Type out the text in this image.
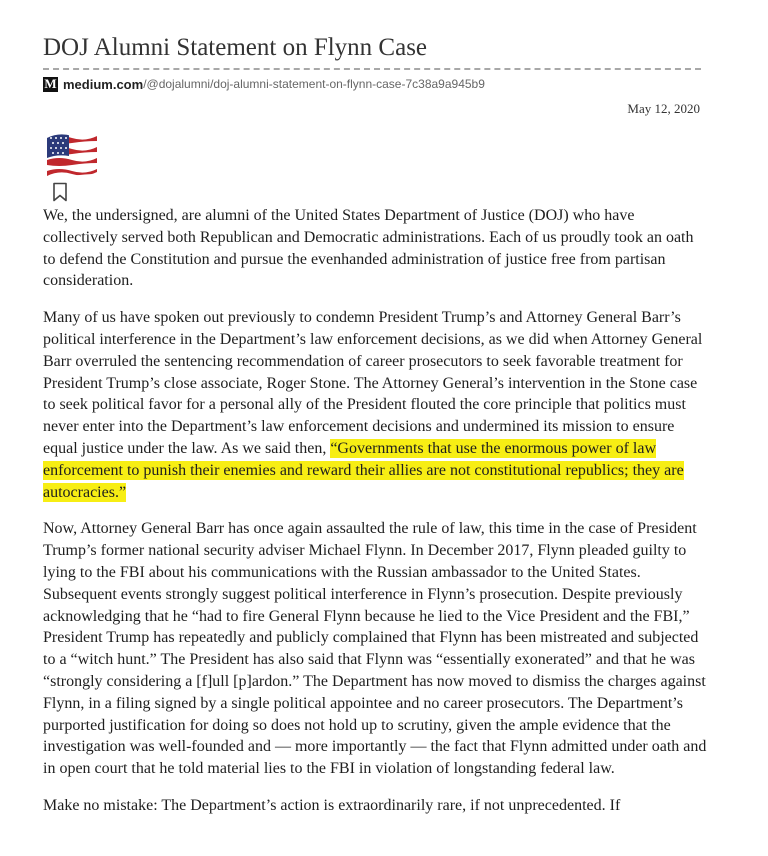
DOJ Alumni Statement on Flynn Case
M medium.com /@dojalumni/doj-alumni-statement-on-flynn-case-7c38a9a945b9
May 12, 2020

We, the undersigned, are alumni of the United States Department of Justice (DOJ) who have collectively served both Republican and Democratic administrations. Each of us proudly took an oath to defend the Constitution and pursue the evenhanded administration of justice free from partisan consideration.

Many of us have spoken out previously to condemn President Trump’s and Attorney General Barr’s political interference in the Department’s law enforcement decisions, as we did when Attorney General Barr overruled the sentencing recommendation of career prosecutors to seek favorable treatment for President Trump’s close associate, Roger Stone. The Attorney General’s intervention in the Stone case to seek political favor for a personal ally of the President flouted the core principle that politics must never enter into the Department’s law enforcement decisions and undermined its mission to ensure equal justice under the law. As we said then, “Governments that use the enormous power of law enforcement to punish their enemies and reward their allies are not constitutional republics; they are autocracies.”

Now, Attorney General Barr has once again assaulted the rule of law, this time in the case of President Trump’s former national security adviser Michael Flynn. In December 2017, Flynn pleaded guilty to lying to the FBI about his communications with the Russian ambassador to the United States. Subsequent events strongly suggest political interference in Flynn’s prosecution. Despite previously acknowledging that he “had to fire General Flynn because he lied to the Vice President and the FBI,” President Trump has repeatedly and publicly complained that Flynn has been mistreated and subjected to a “witch hunt.” The President has also said that Flynn was “essentially exonerated” and that he was “strongly considering a [f]ull [p]ardon.” The Department has now moved to dismiss the charges against Flynn, in a filing signed by a single political appointee and no career prosecutors. The Department’s purported justification for doing so does not hold up to scrutiny, given the ample evidence that the investigation was well-founded and — more importantly — the fact that Flynn admitted under oath and in open court that he told material lies to the FBI in violation of longstanding federal law.

Make no mistake: The Department’s action is extraordinarily rare, if not unprecedented. If
